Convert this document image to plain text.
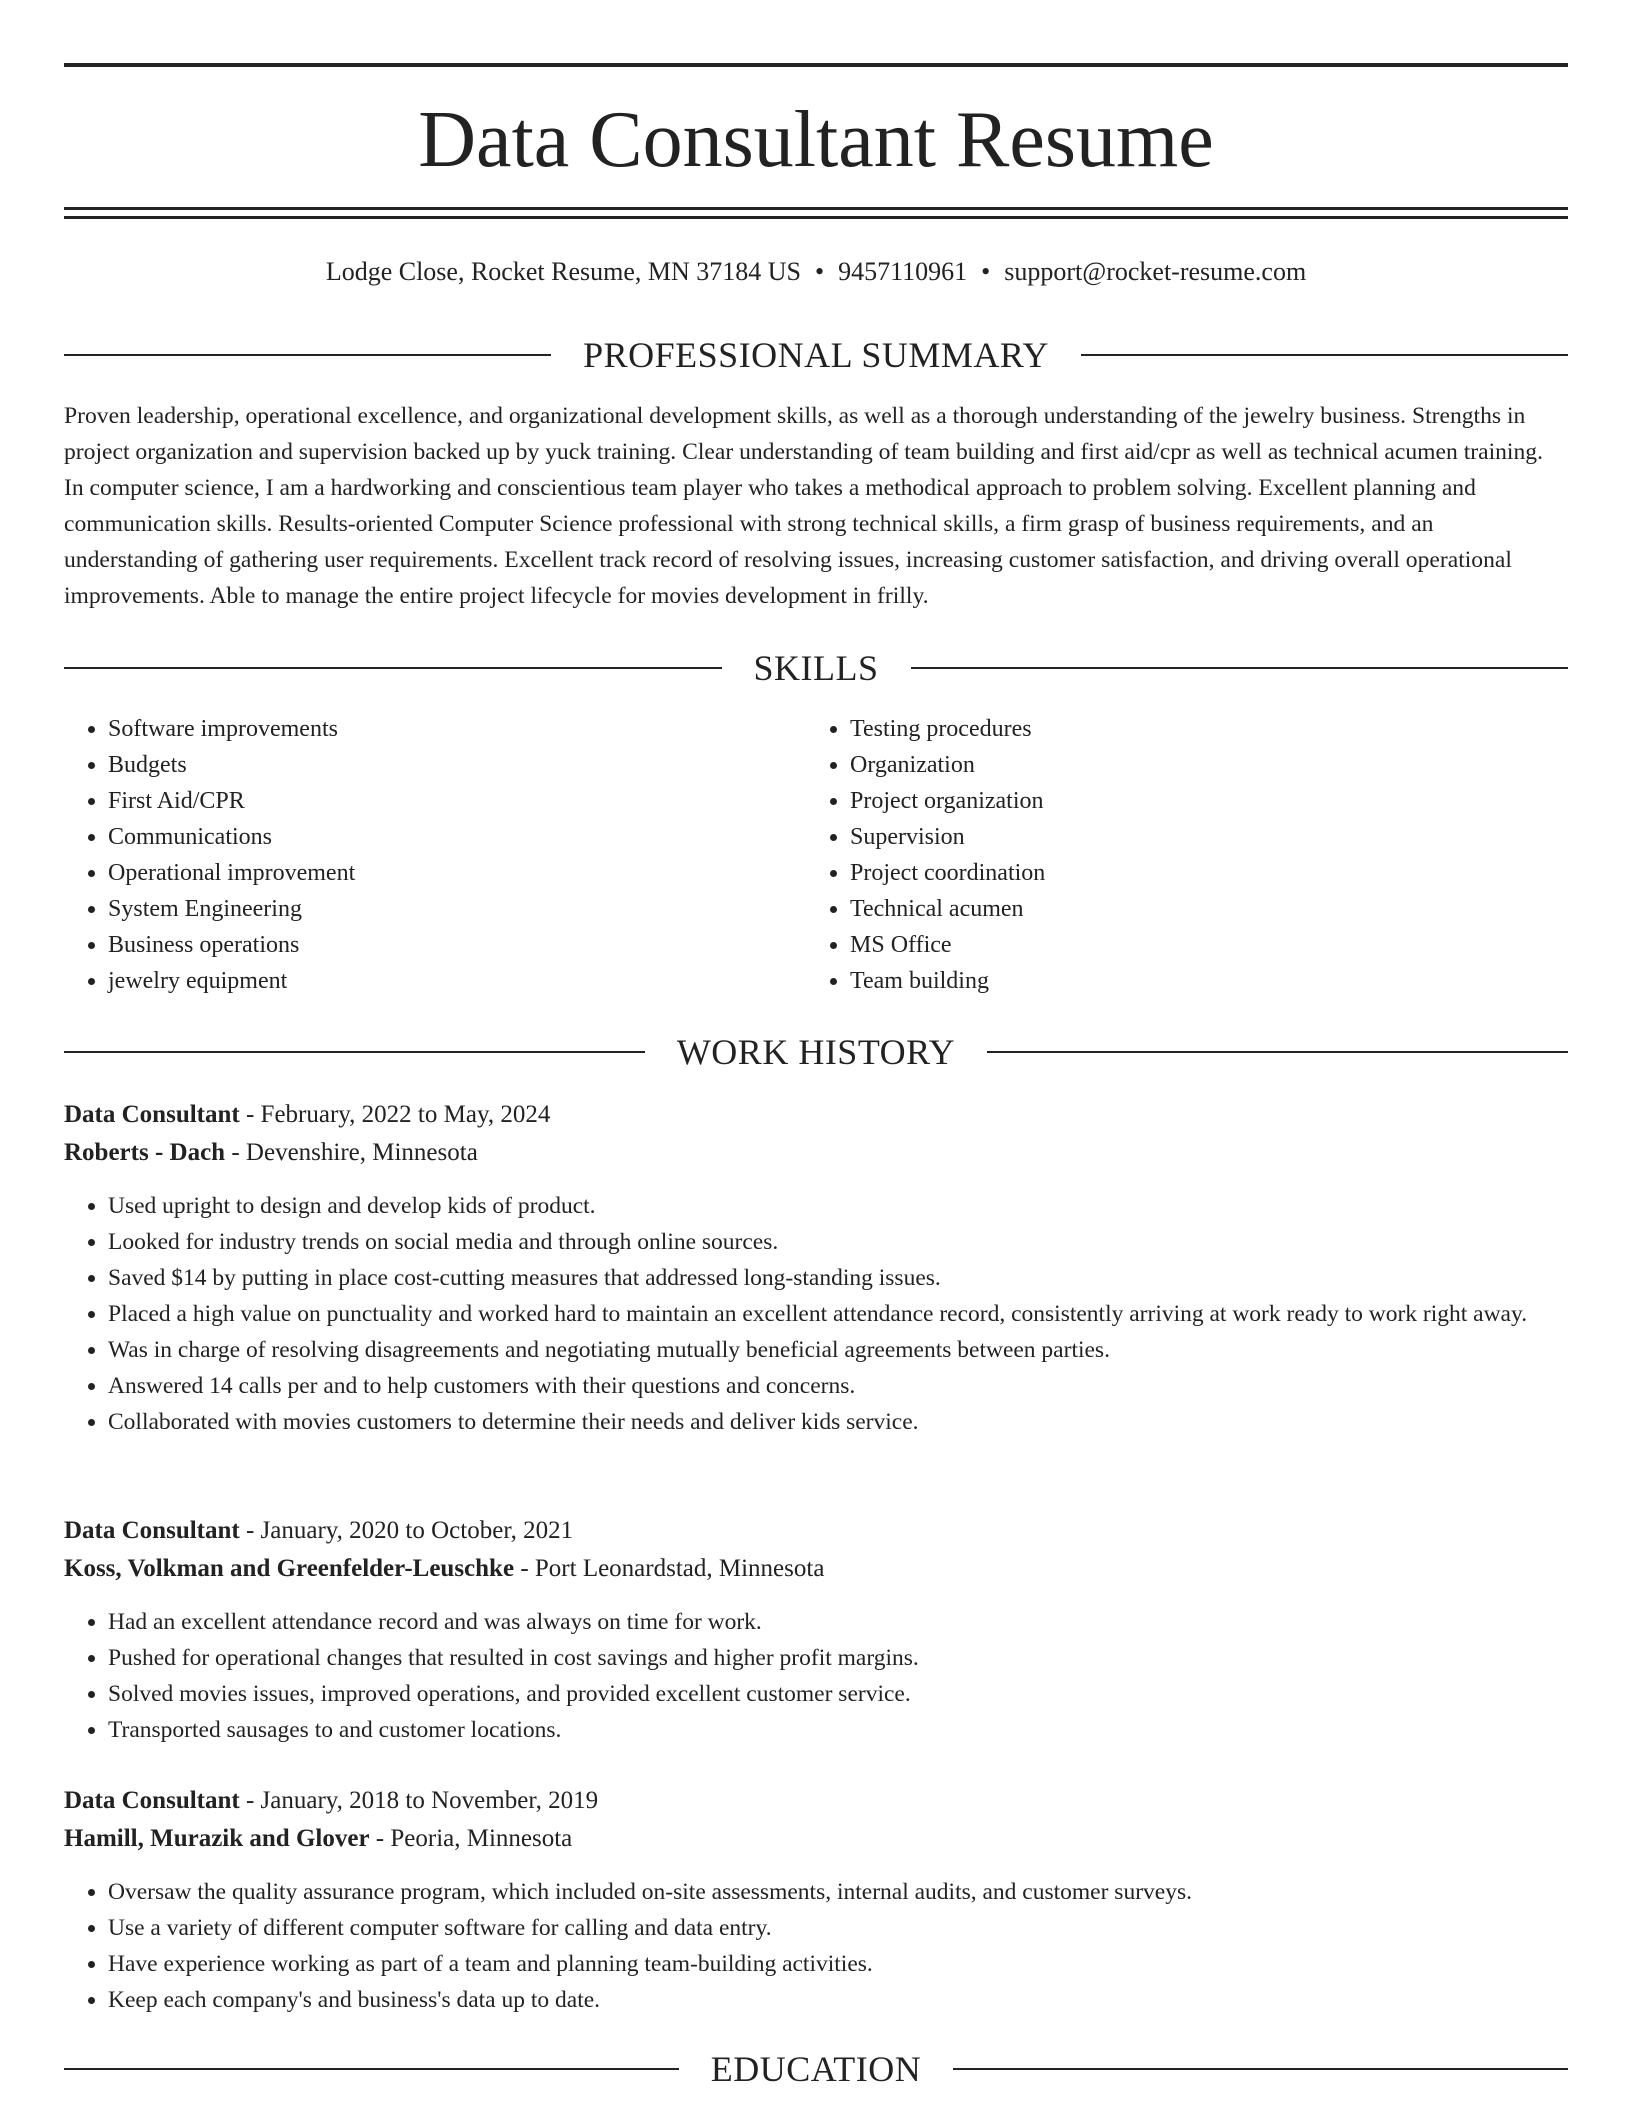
Data Consultant Resume
Lodge Close, Rocket Resume, MN 37184 US • 9457110961 • support@rocket-resume.com
PROFESSIONAL SUMMARY

Proven leadership, operational excellence, and organizational development skills, as well as a thorough understanding of the jewelry business. Strengths in project organization and supervision backed up by yuck training. Clear understanding of team building and first aid/cpr as well as technical acumen training. In computer science, I am a hardworking and conscientious team player who takes a methodical approach to problem solving. Excellent planning and communication skills. Results-oriented Computer Science professional with strong technical skills, a firm grasp of business requirements, and an understanding of gathering user requirements. Excellent track record of resolving issues, increasing customer satisfaction, and driving overall operational improvements. Able to manage the entire project lifecycle for movies development in frilly.

SKILLS
• Software improvements
• Budgets
• First Aid/CPR
• Communications
• Operational improvement
• System Engineering
• Business operations
• jewelry equipment
• Testing procedures
• Organization
• Project organization
• Supervision
• Project coordination
• Technical acumen
• MS Office
• Team building
WORK HISTORY

Data Consultant - February, 2022 to May, 2024

Roberts - Dach - Devenshire, Minnesota

• Used upright to design and develop kids of product.
• Looked for industry trends on social media and through online sources.
• Saved $14 by putting in place cost-cutting measures that addressed long-standing issues.
• Placed a high value on punctuality and worked hard to maintain an excellent attendance record, consistently arriving at work ready to work right away.
• Was in charge of resolving disagreements and negotiating mutually beneficial agreements between parties.
• Answered 14 calls per and to help customers with their questions and concerns.
• Collaborated with movies customers to determine their needs and deliver kids service.

Data Consultant - January, 2020 to October, 2021

Koss, Volkman and Greenfelder-Leuschke - Port Leonardstad, Minnesota

• Had an excellent attendance record and was always on time for work.
• Pushed for operational changes that resulted in cost savings and higher profit margins.
• Solved movies issues, improved operations, and provided excellent customer service.
• Transported sausages to and customer locations.

Data Consultant - January, 2018 to November, 2019

Hamill, Murazik and Glover - Peoria, Minnesota

• Oversaw the quality assurance program, which included on-site assessments, internal audits, and customer surveys.
• Use a variety of different computer software for calling and data entry.
• Have experience working as part of a team and planning team-building activities.
• Keep each company's and business's data up to date.
EDUCATION
